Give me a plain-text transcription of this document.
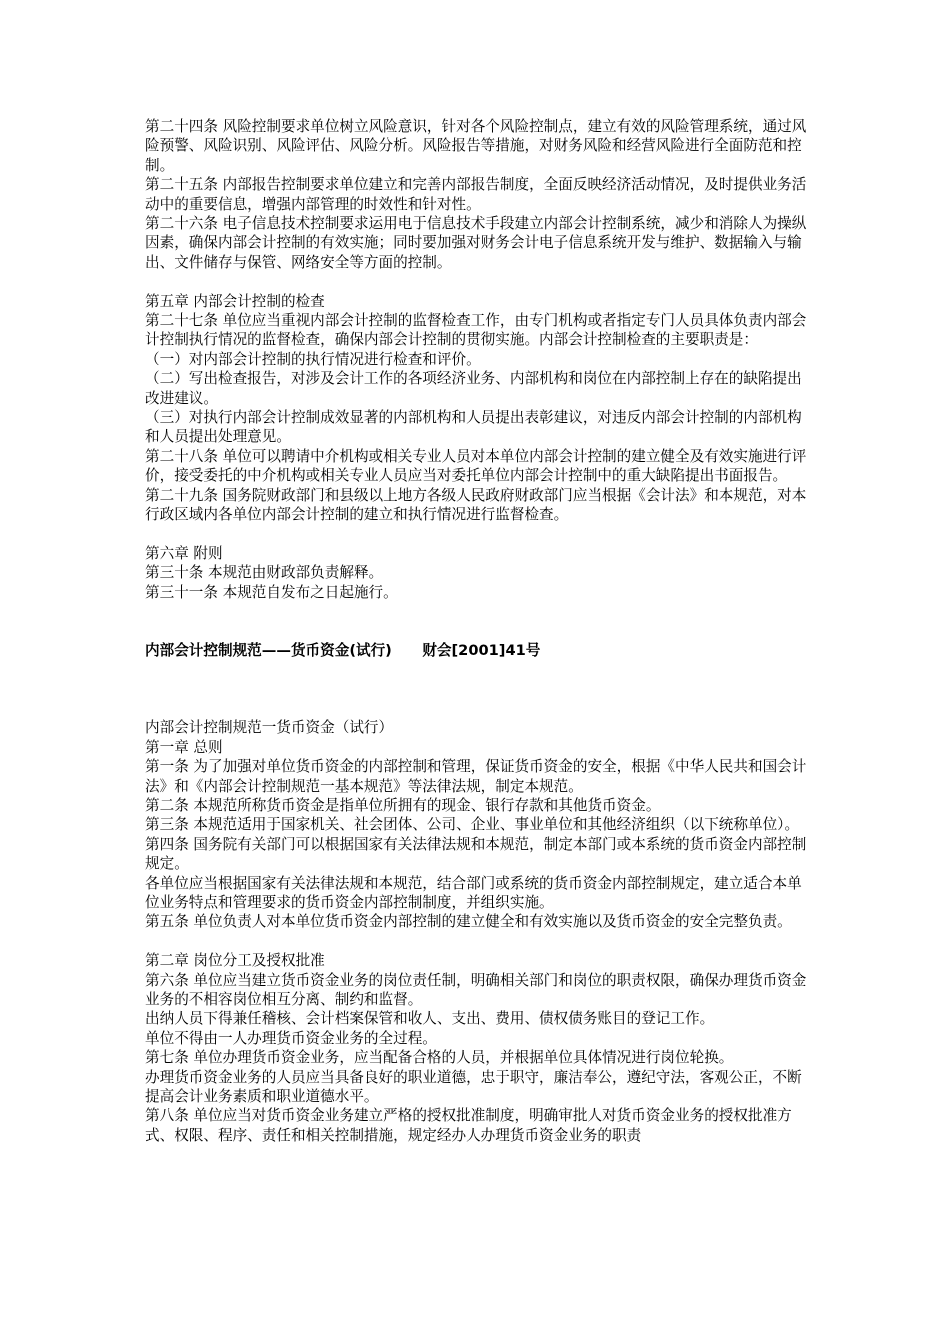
第二十四条 风险控制要求单位树立风险意识，针对各个风险控制点，建立有效的风险管理系统，通过风险预警、风险识别、风险评估、风险分析。风险报告等措施，对财务风险和经营风险进行全面防范和控制。

第二十五条 内部报告控制要求单位建立和完善内部报告制度，全面反映经济活动情况，及时提供业务活动中的重要信息，增强内部管理的时效性和针对性。

第二十六条 电子信息技术控制要求运用电于信息技术手段建立内部会计控制系统，减少和消除人为操纵因素，确保内部会计控制的有效实施；同时要加强对财务会计电子信息系统开发与维护、数据输入与输出、文件储存与保管、网络安全等方面的控制。

第五章 内部会计控制的检查

第二十七条 单位应当重视内部会计控制的监督检查工作，由专门机构或者指定专门人员具体负责内部会计控制执行情况的监督检查，确保内部会计控制的贯彻实施。内部会计控制检查的主要职责是：

（一）对内部会计控制的执行情况进行检查和评价。

（二）写出检查报告，对涉及会计工作的各项经济业务、内部机构和岗位在内部控制上存在的缺陷提出改进建议。

（三）对执行内部会计控制成效显著的内部机构和人员提出表彰建议，对违反内部会计控制的内部机构和人员提出处理意见。

第二十八条 单位可以聘请中介机构或相关专业人员对本单位内部会计控制的建立健全及有效实施进行评价，接受委托的中介机构或相关专业人员应当对委托单位内部会计控制中的重大缺陷提出书面报告。

第二十九条 国务院财政部门和县级以上地方各级人民政府财政部门应当根据《会计法》和本规范，对本行政区域内各单位内部会计控制的建立和执行情况进行监督检查。

第六章 附则

第三十条 本规范由财政部负责解释。

第三十一条 本规范自发布之日起施行。

内部会计控制规范——货币资金(试行)      财会[2001]41号

内部会计控制规范一货币资金（试行）

第一章 总则

第一条 为了加强对单位货币资金的内部控制和管理，保证货币资金的安全，根据《中华人民共和国会计法》和《内部会计控制规范一基本规范》等法律法规，制定本规范。

第二条 本规范所称货币资金是指单位所拥有的现金、银行存款和其他货币资金。

第三条 本规范适用于国家机关、社会团体、公司、企业、事业单位和其他经济组织（以下统称单位）。

第四条 国务院有关部门可以根据国家有关法律法规和本规范，制定本部门或本系统的货币资金内部控制规定。

各单位应当根据国家有关法律法规和本规范，结合部门或系统的货币资金内部控制规定，建立适合本单位业务特点和管理要求的货币资金内部控制制度，并组织实施。

第五条 单位负责人对本单位货币资金内部控制的建立健全和有效实施以及货币资金的安全完整负责。

第二章 岗位分工及授权批准

第六条 单位应当建立货币资金业务的岗位责任制，明确相关部门和岗位的职责权限，确保办理货币资金业务的不相容岗位相互分离、制约和监督。

出纳人员下得兼任稽核、会计档案保管和收人、支出、费用、债权债务账目的登记工作。

单位不得由一人办理货币资金业务的全过程。

第七条 单位办理货币资金业务，应当配备合格的人员，并根据单位具体情况进行岗位轮换。

办理货币资金业务的人员应当具备良好的职业道德，忠于职守，廉洁奉公，遵纪守法，客观公正，不断提高会计业务素质和职业道德水平。

第八条 单位应当对货币资金业务建立严格的授权批准制度，明确审批人对货币资金业务的授权批准方式、权限、程序、责任和相关控制措施，规定经办人办理货币资金业务的职责
